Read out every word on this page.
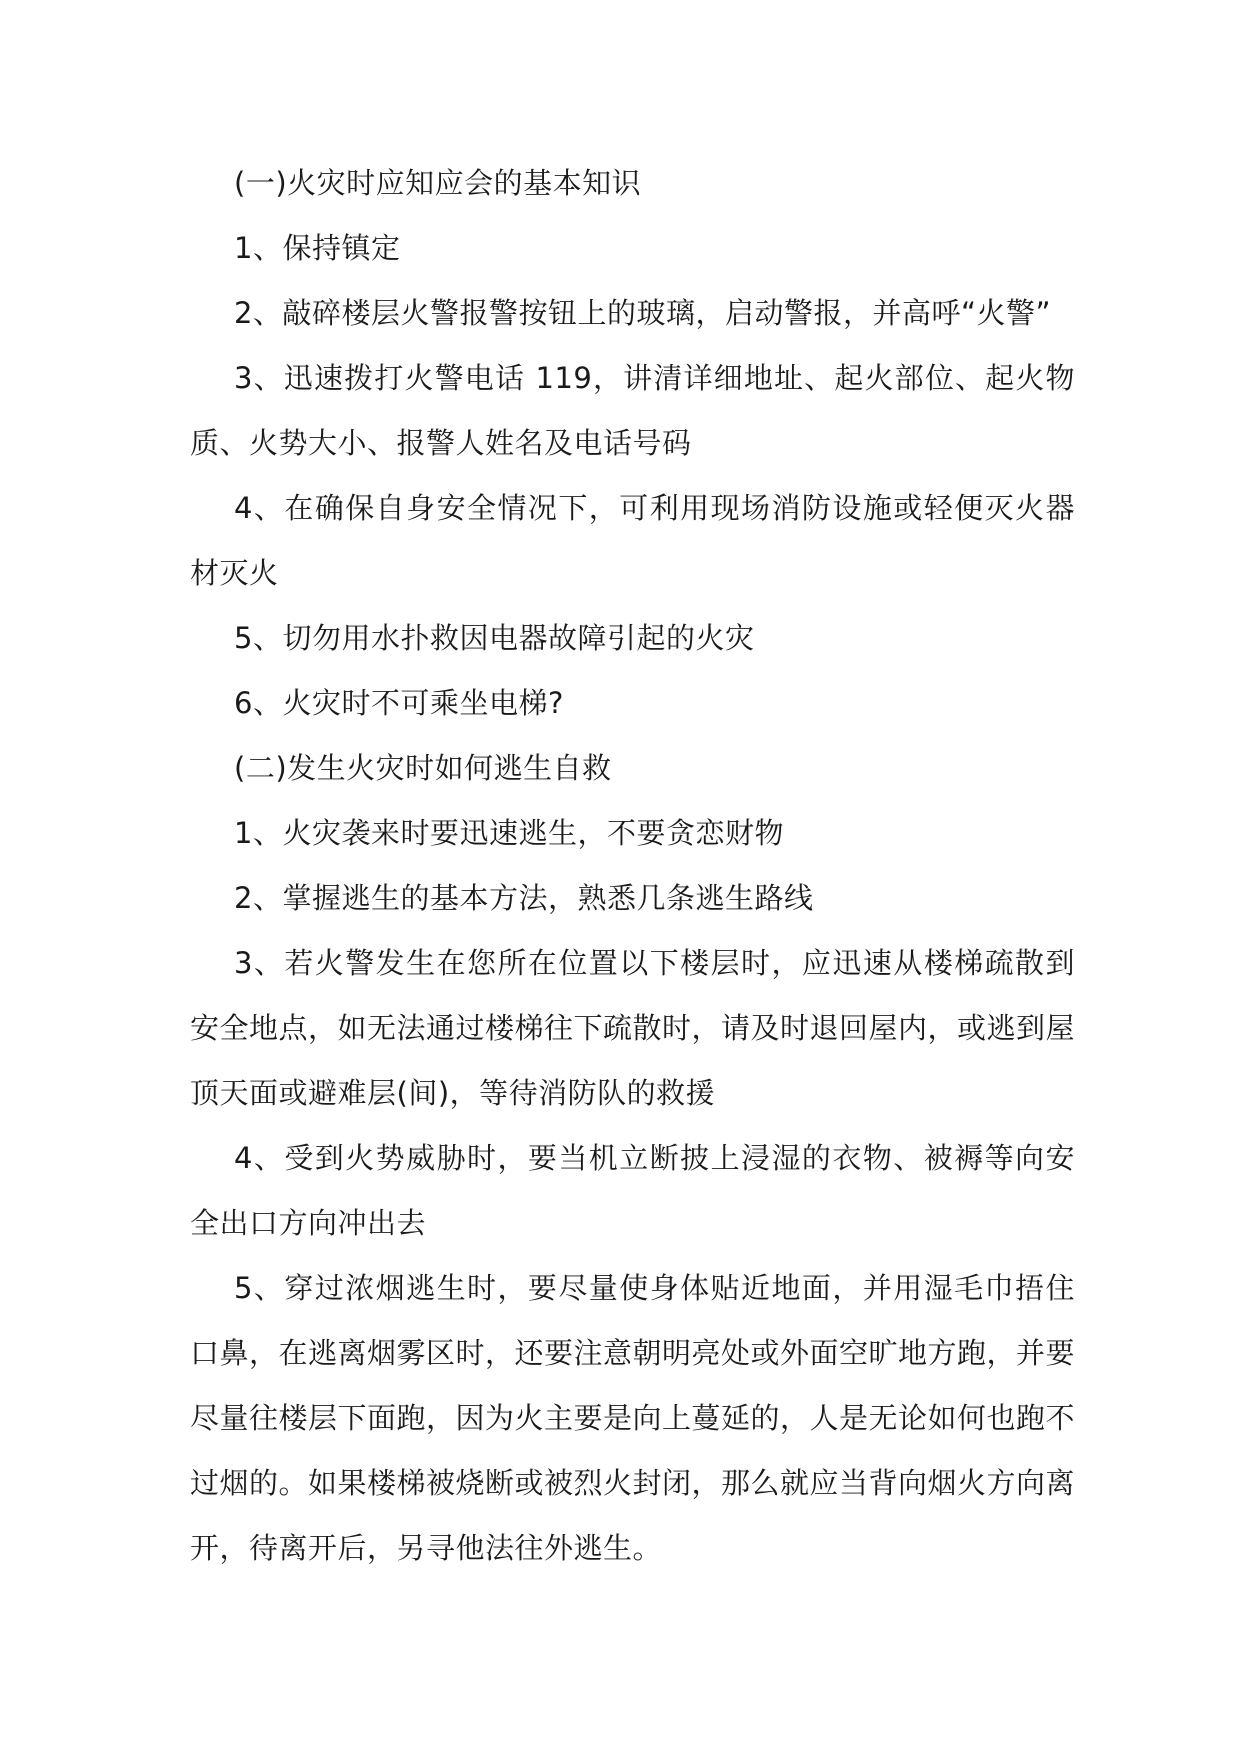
(一)火灾时应知应会的基本知识

1、保持镇定

2、敲碎楼层火警报警按钮上的玻璃，启动警报，并高呼“火警”

3、迅速拨打火警电话 119，讲清详细地址、起火部位、起火物质、火势大小、报警人姓名及电话号码

4、在确保自身安全情况下，可利用现场消防设施或轻便灭火器材灭火

5、切勿用水扑救因电器故障引起的火灾

6、火灾时不可乘坐电梯?

(二)发生火灾时如何逃生自救

1、火灾袭来时要迅速逃生，不要贪恋财物

2、掌握逃生的基本方法，熟悉几条逃生路线

3、若火警发生在您所在位置以下楼层时，应迅速从楼梯疏散到安全地点，如无法通过楼梯往下疏散时，请及时退回屋内，或逃到屋顶天面或避难层(间)，等待消防队的救援

4、受到火势威胁时，要当机立断披上浸湿的衣物、被褥等向安全出口方向冲出去

5、穿过浓烟逃生时，要尽量使身体贴近地面，并用湿毛巾捂住口鼻，在逃离烟雾区时，还要注意朝明亮处或外面空旷地方跑，并要尽量往楼层下面跑，因为火主要是向上蔓延的，人是无论如何也跑不过烟的。如果楼梯被烧断或被烈火封闭，那么就应当背向烟火方向离开，待离开后，另寻他法往外逃生。
